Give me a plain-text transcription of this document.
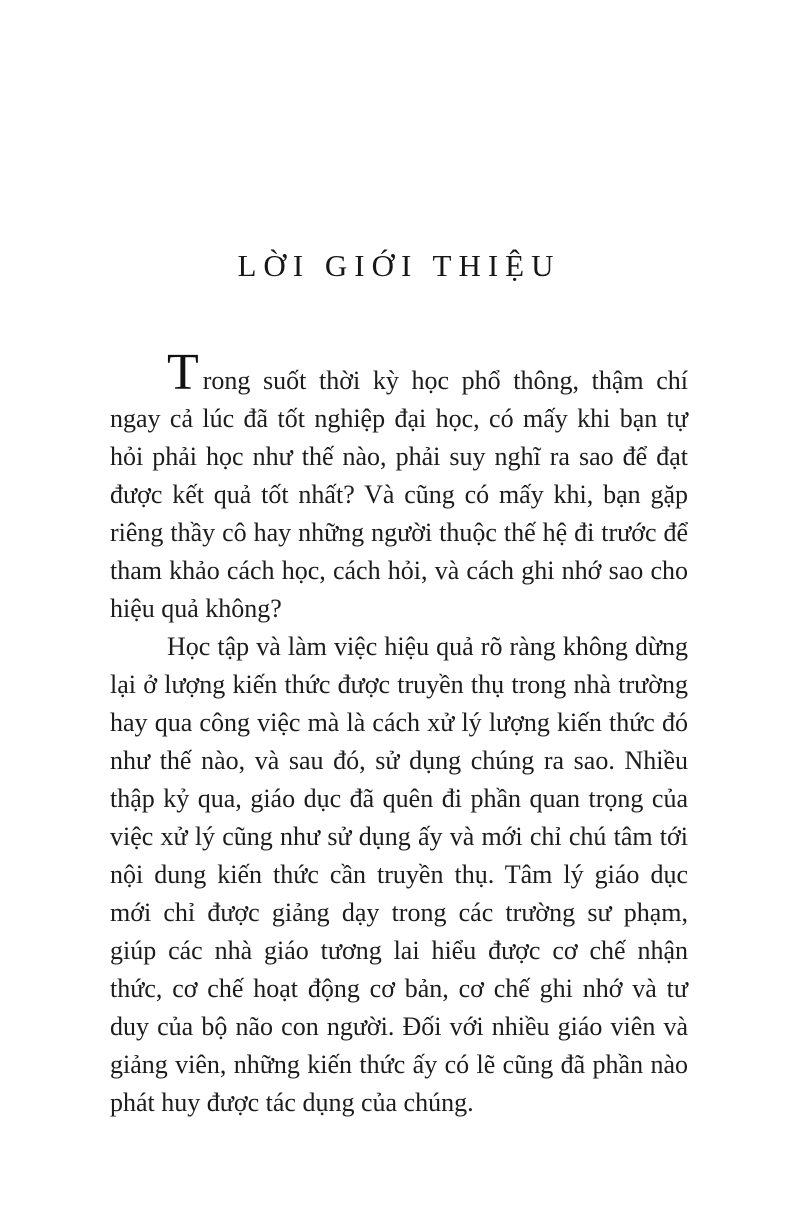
LỜI GIỚI THIỆU

Trong suốt thời kỳ học phổ thông, thậm chí ngay cả lúc đã tốt nghiệp đại học, có mấy khi bạn tự hỏi phải học như thế nào, phải suy nghĩ ra sao để đạt được kết quả tốt nhất? Và cũng có mấy khi, bạn gặp riêng thầy cô hay những người thuộc thế hệ đi trước để tham khảo cách học, cách hỏi, và cách ghi nhớ sao cho hiệu quả không?

Học tập và làm việc hiệu quả rõ ràng không dừng lại ở lượng kiến thức được truyền thụ trong nhà trường hay qua công việc mà là cách xử lý lượng kiến thức đó như thế nào, và sau đó, sử dụng chúng ra sao. Nhiều thập kỷ qua, giáo dục đã quên đi phần quan trọng của việc xử lý cũng như sử dụng ấy và mới chỉ chú tâm tới nội dung kiến thức cần truyền thụ. Tâm lý giáo dục mới chỉ được giảng dạy trong các trường sư phạm, giúp các nhà giáo tương lai hiểu được cơ chế nhận thức, cơ chế hoạt động cơ bản, cơ chế ghi nhớ và tư duy của bộ não con người. Đối với nhiều giáo viên và giảng viên, những kiến thức ấy có lẽ cũng đã phần nào phát huy được tác dụng của chúng.
